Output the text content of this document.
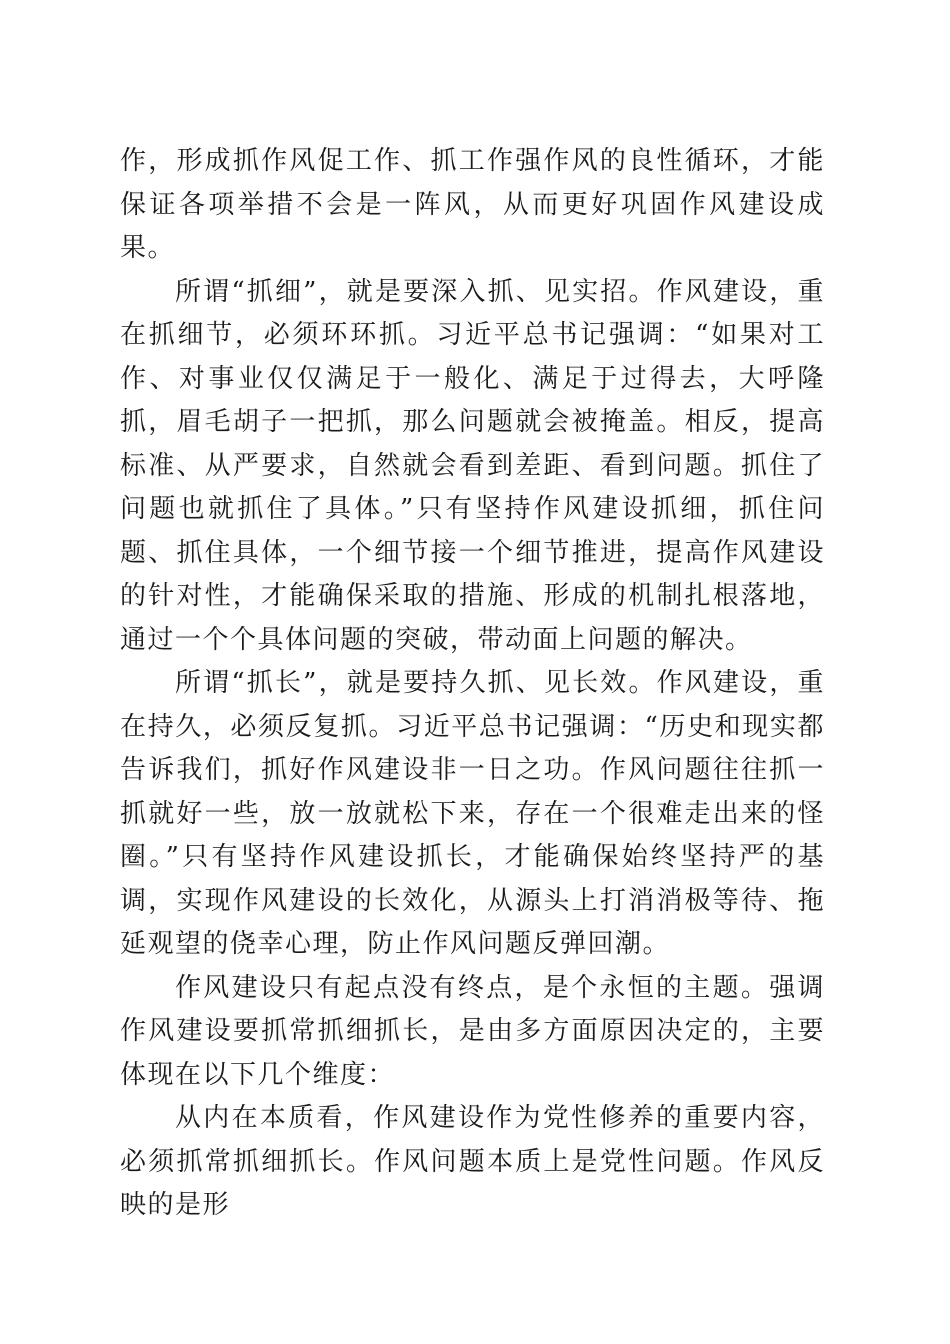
作，形成抓作风促工作、抓工作强作风的良性循环，才能保证各项举措不会是一阵风，从而更好巩固作风建设成果。

所谓“抓细”，就是要深入抓、见实招。作风建设，重在抓细节，必须环环抓。习近平总书记强调：“如果对工作、对事业仅仅满足于一般化、满足于过得去，大呼隆抓，眉毛胡子一把抓，那么问题就会被掩盖。相反，提高标准、从严要求，自然就会看到差距、看到问题。抓住了问题也就抓住了具体。”只有坚持作风建设抓细，抓住问题、抓住具体，一个细节接一个细节推进，提高作风建设的针对性，才能确保采取的措施、形成的机制扎根落地，通过一个个具体问题的突破，带动面上问题的解决。

所谓“抓长”，就是要持久抓、见长效。作风建设，重在持久，必须反复抓。习近平总书记强调：“历史和现实都告诉我们，抓好作风建设非一日之功。作风问题往往抓一抓就好一些，放一放就松下来，存在一个很难走出来的怪圈。”只有坚持作风建设抓长，才能确保始终坚持严的基调，实现作风建设的长效化，从源头上打消消极等待、拖延观望的侥幸心理，防止作风问题反弹回潮。

作风建设只有起点没有终点，是个永恒的主题。强调作风建设要抓常抓细抓长，是由多方面原因决定的，主要体现在以下几个维度：

从内在本质看，作风建设作为党性修养的重要内容，必须抓常抓细抓长。作风问题本质上是党性问题。作风反映的是形
